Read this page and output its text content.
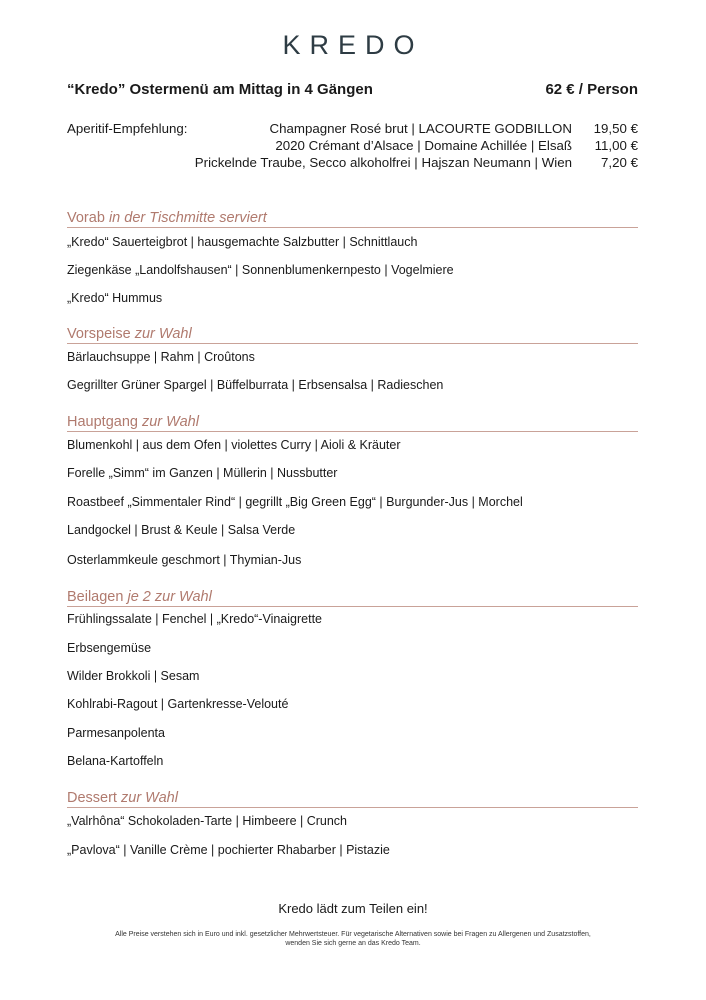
KREDO
“Kredo” Ostermenü am Mittag in 4 Gängen	62 € / Person
Aperitif-Empfehlung:	Champagner Rosé brut | LACOURTE GODBILLON	19,50 €
2020 Crémant d’Alsace | Domaine Achillée | Elsaß	11,00 €
Prickelnde Traube, Secco alkoholfrei | Hajszan Neumann | Wien	7,20 €
Vorab in der Tischmitte serviert
„Kredo“ Sauerteigbrot | hausgemachte Salzbutter | Schnittlauch
Ziegenkäse „Landolfshausen“ | Sonnenblumenkernpesto | Vogelmiere
„Kredo“ Hummus
Vorspeise zur Wahl
Bärlauchsuppe | Rahm | Croûtons
Gegrillter Grüner Spargel | Büffelburrata | Erbsensalsa | Radieschen
Hauptgang zur Wahl
Blumenkohl | aus dem Ofen | violettes Curry | Aioli & Kräuter
Forelle „Simm“ im Ganzen | Müllerin | Nussbutter
Roastbeef „Simmentaler Rind“ | gegrillt „Big Green Egg“ | Burgunder-Jus | Morchel
Landgockel | Brust & Keule | Salsa Verde
Osterlammkeule geschmort | Thymian-Jus
Beilagen je 2 zur Wahl
Frühlingssalate | Fenchel | „Kredo“-Vinaigrette
Erbsengemüse
Wilder Brokkoli | Sesam
Kohlrabi-Ragout | Gartenkresse-Velouté
Parmesanpolenta
Belana-Kartoffeln
Dessert zur Wahl
„Valrhôna“ Schokoladen-Tarte | Himbeere | Crunch
„Pavlova“ | Vanille Crème | pochierter Rhabarber | Pistazie
Kredo lädt zum Teilen ein!
Alle Preise verstehen sich in Euro und inkl. gesetzlicher Mehrwertsteuer. Für vegetarische Alternativen sowie bei Fragen zu Allergenen und Zusatzstoffen,
wenden Sie sich gerne an das Kredo Team.
